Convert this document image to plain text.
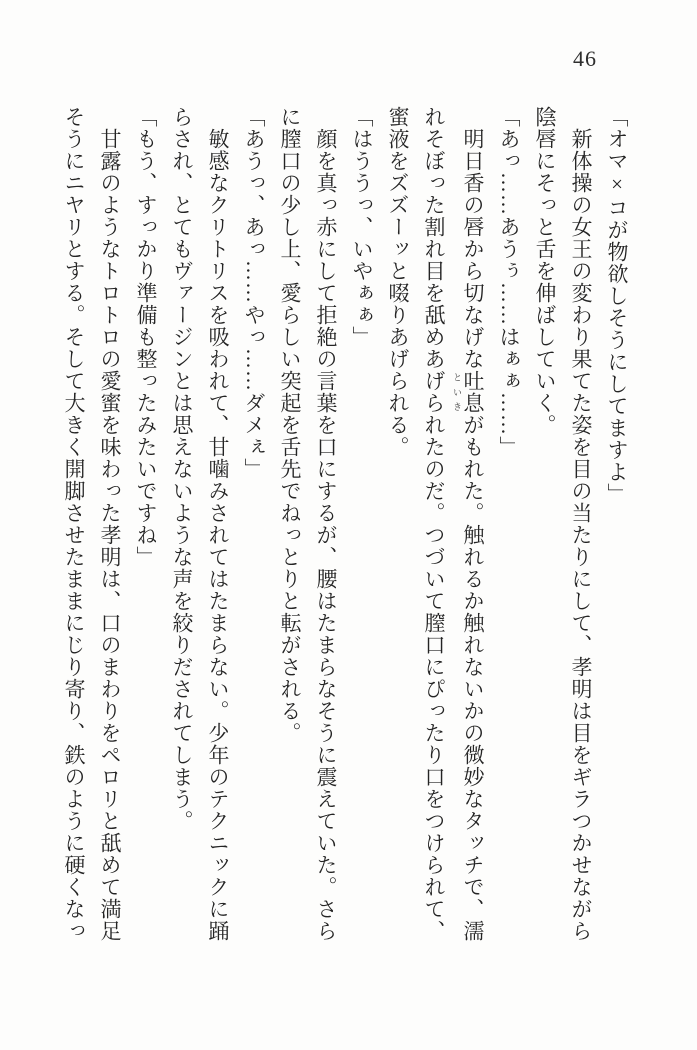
46
「オマ×コが物欲しそうにしてますよ」
　新体操の女王の変わり果てた姿を目の当たりにして、孝明は目をギラつかせながら
陰唇にそっと舌を伸ばしていく。
「あっ……あうぅ……はぁぁ……」
　明日香の唇から切なげな吐息といきがもれた。触れるか触れないかの微妙なタッチで、濡
れそぼった割れ目を舐めあげられたのだ。つづいて膣口にぴったり口をつけられて、
蜜液をズズーッと啜りあげられる。
「はううっ、いやぁぁ」
　顔を真っ赤にして拒絶の言葉を口にするが、腰はたまらなそうに震えていた。さら
に膣口の少し上、愛らしい突起を舌先でねっとりと転がされる。
「あうっ、あっ……やっ……ダメぇ」
　敏感なクリトリスを吸われて、甘噛みされてはたまらない。少年のテクニックに踊
らされ、とてもヴァージンとは思えないような声を絞りだされてしまう。
「もう、すっかり準備も整ったみたいですね」
　甘露のようなトロトロの愛蜜を味わった孝明は、口のまわりをペロリと舐めて満足
そうにニヤリとする。そして大きく開脚させたままにじり寄り、鉄のように硬くなっ
